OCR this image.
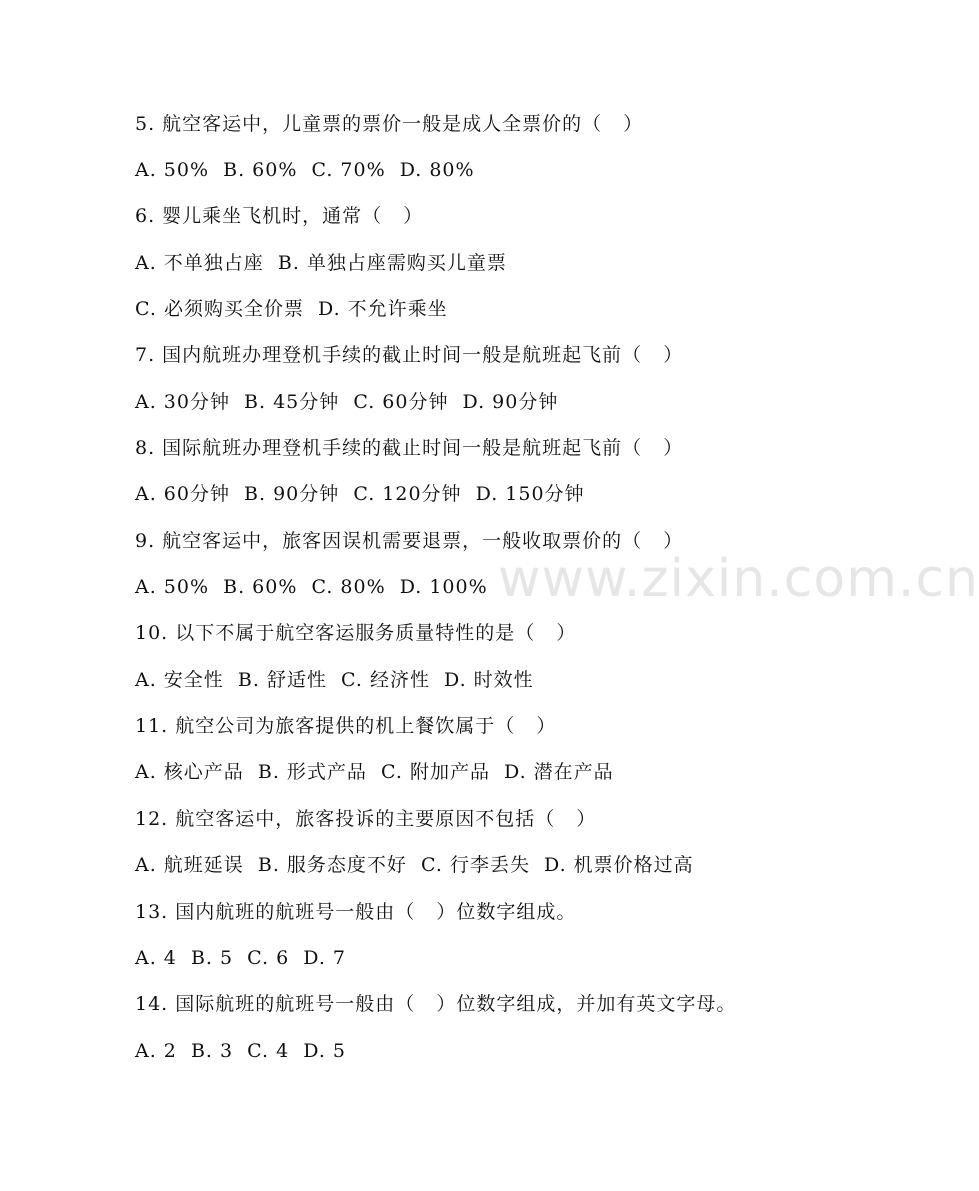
www.zixin.com.cn
5. 航空客运中，儿童票的票价一般是成人全票价的（   ）
A. 50%  B. 60%  C. 70%  D. 80%
6. 婴儿乘坐飞机时，通常（   ）
A. 不单独占座  B. 单独占座需购买儿童票
C. 必须购买全价票  D. 不允许乘坐
7. 国内航班办理登机手续的截止时间一般是航班起飞前（   ）
A. 30分钟  B. 45分钟  C. 60分钟  D. 90分钟
8. 国际航班办理登机手续的截止时间一般是航班起飞前（   ）
A. 60分钟  B. 90分钟  C. 120分钟  D. 150分钟
9. 航空客运中，旅客因误机需要退票，一般收取票价的（   ）
A. 50%  B. 60%  C. 80%  D. 100%
10. 以下不属于航空客运服务质量特性的是（   ）
A. 安全性  B. 舒适性  C. 经济性  D. 时效性
11. 航空公司为旅客提供的机上餐饮属于（   ）
A. 核心产品  B. 形式产品  C. 附加产品  D. 潜在产品
12. 航空客运中，旅客投诉的主要原因不包括（   ）
A. 航班延误  B. 服务态度不好  C. 行李丢失  D. 机票价格过高
13. 国内航班的航班号一般由（   ）位数字组成。
A. 4  B. 5  C. 6  D. 7
14. 国际航班的航班号一般由（   ）位数字组成，并加有英文字母。
A. 2  B. 3  C. 4  D. 5
